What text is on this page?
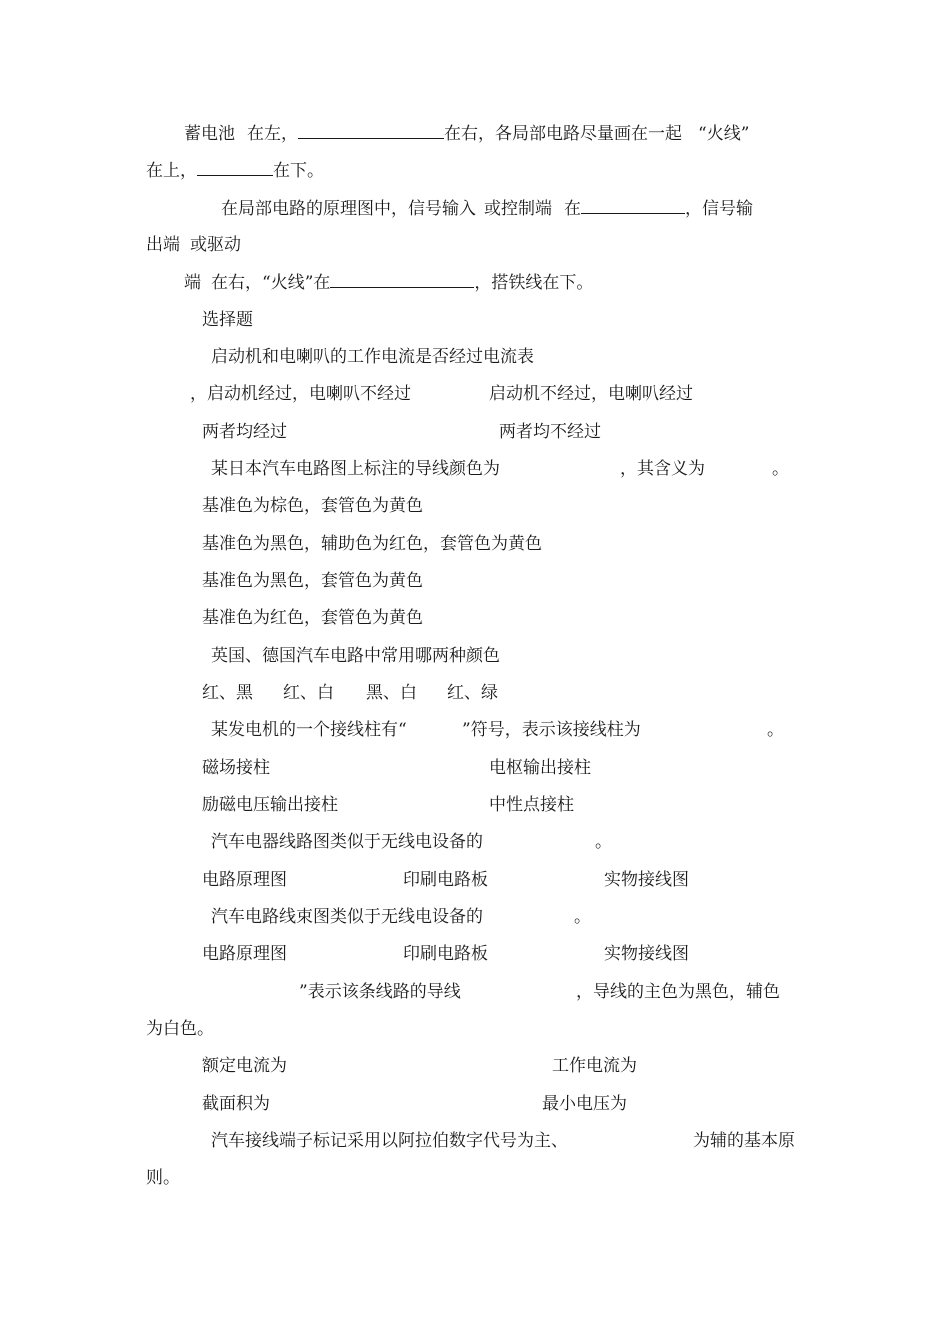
蓄电池 在左，	在右，各局部电路尽量画在一起 “火线”
在上，	在下。
在局部电路的原理图中，信号输入 或控制端 在	，信号输
出端 或驱动
端 在右，“火线”在	，搭铁线在下。
选择题
启动机和电喇叭的工作电流是否经过电流表
，启动机经过，电喇叭不经过	启动机不经过，电喇叭经过
两者均经过	两者均不经过
某日本汽车电路图上标注的导线颜色为	，其含义为	。
基准色为棕色，套管色为黄色
基准色为黑色，辅助色为红色，套管色为黄色
基准色为黑色，套管色为黄色
基准色为红色，套管色为黄色
英国、德国汽车电路中常用哪两种颜色
红、黑 红、白 黑、白 红、绿
某发电机的一个接线柱有“	”符号，表示该接线柱为	。
磁场接柱	电枢输出接柱
励磁电压输出接柱	中性点接柱
汽车电器线路图类似于无线电设备的	。
电路原理图	印刷电路板	实物接线图
汽车电路线束图类似于无线电设备的	。
电路原理图	印刷电路板	实物接线图
”表示该条线路的导线	，导线的主色为黑色，辅色
为白色。
额定电流为	工作电流为
截面积为	最小电压为
汽车接线端子标记采用以阿拉伯数字代号为主、	为辅的基本原
则。
